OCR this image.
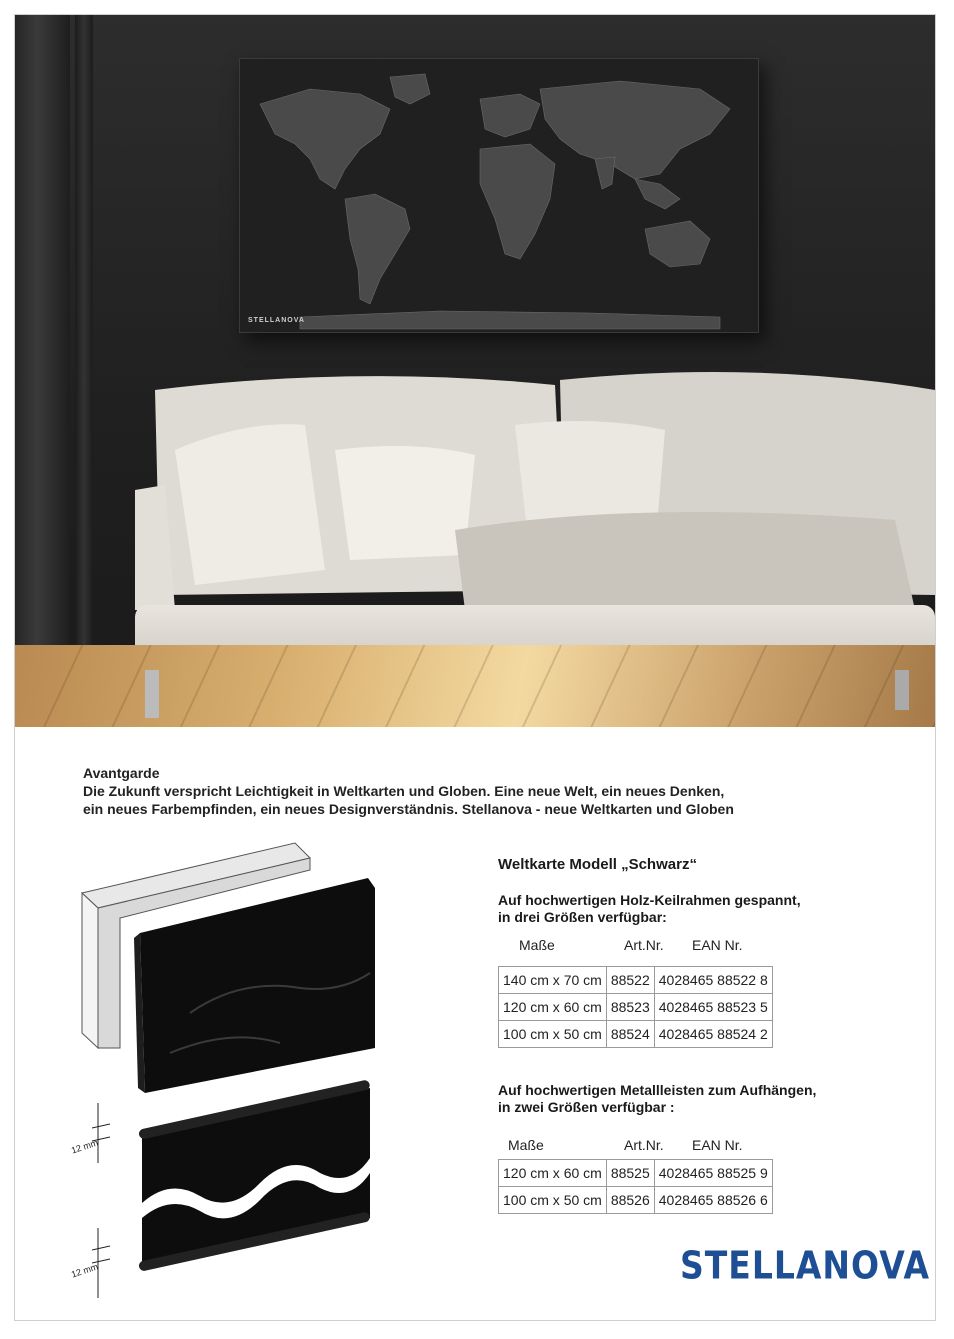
STELLANOVA
Avantgarde
Die Zukunft verspricht Leichtigkeit in Weltkarten und Globen. Eine neue Welt, ein neues Denken,
ein neues Farbempfinden, ein neues Designverständnis. Stellanova - neue Weltkarten und Globen
12 mm
12 mm
Weltkarte Modell „Schwarz“
Auf hochwertigen Holz-Keilrahmen gespannt,
in drei Größen verfügbar:
Maße	Art.Nr. EAN Nr.
140 cm x 70 cm	88522	4028465 88522 8
120 cm x 60 cm	88523	4028465 88523 5
100 cm x 50 cm	88524	4028465 88524 2
Auf hochwertigen Metallleisten zum Aufhängen,
in zwei Größen verfügbar :
Maße	Art.Nr. EAN Nr.
120 cm x 60 cm	88525	4028465 88525 9
100 cm x 50 cm	88526	4028465 88526 6
STELLANOVA
